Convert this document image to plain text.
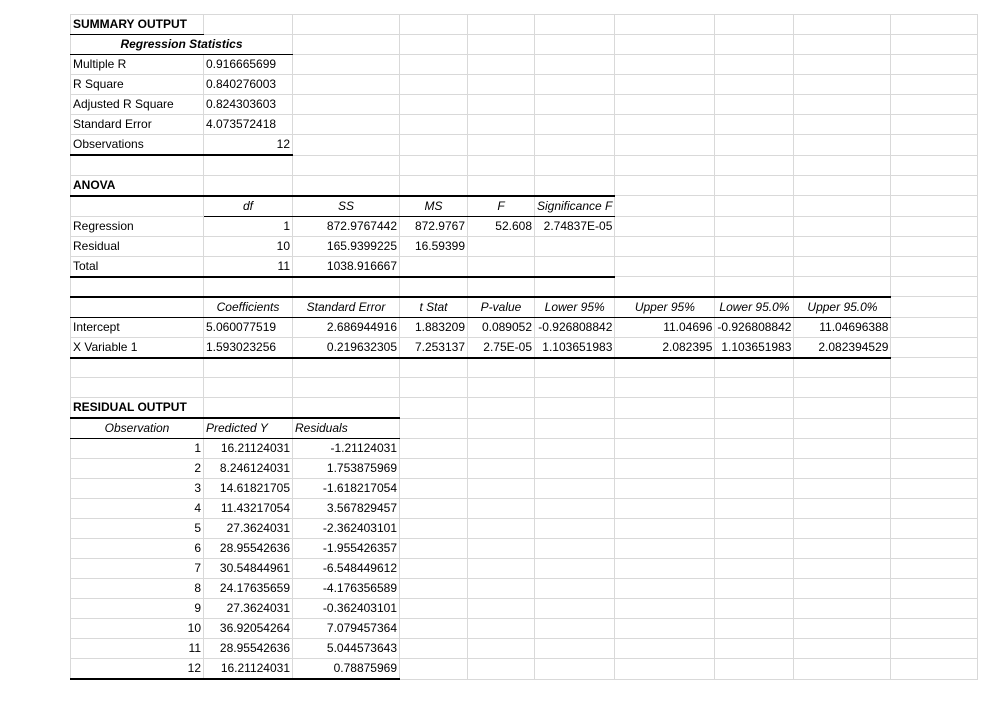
SUMMARY OUTPUT									
Regression Statistics									
Multiple R	0.916665699								
R Square	0.840276003								
Adjusted R Square	0.824303603								
Standard Error	4.073572418								
Observations	12								

ANOVA									
	df	SS	MS	F	Significance F				
Regression	1	872.9767442	872.9767	52.608	2.74837E-05				
Residual	10	165.9399225	16.59399						
Total	11	1038.916667							

	Coefficients	Standard Error	t Stat	P-value	Lower 95%	Upper 95%	Lower 95.0%	Upper 95.0%	
Intercept	5.060077519	2.686944916	1.883209	0.089052	-0.926808842	11.04696	-0.926808842	11.04696388	
X Variable 1	1.593023256	0.219632305	7.253137	2.75E-05	1.103651983	2.082395	1.103651983	2.082394529	

RESIDUAL OUTPUT									
Observation	Predicted Y	Residuals							
1	16.21124031	-1.21124031							
2	8.246124031	1.753875969							
3	14.61821705	-1.618217054							
4	11.43217054	3.567829457							
5	27.3624031	-2.362403101							
6	28.95542636	-1.955426357							
7	30.54844961	-6.548449612							
8	24.17635659	-4.176356589							
9	27.3624031	-0.362403101							
10	36.92054264	7.079457364							
11	28.95542636	5.044573643							
12	16.21124031	0.78875969							
